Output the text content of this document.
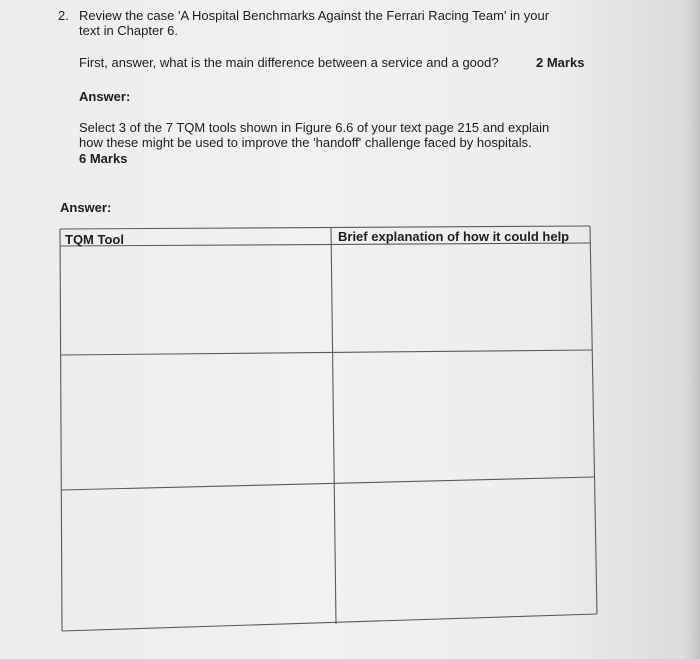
2. Review the case 'A Hospital Benchmarks Against the Ferrari Racing Team' in your
text in Chapter 6.
First, answer, what is the main difference between a service and a good?	2 Marks
Answer:
Select 3 of the 7 TQM tools shown in Figure 6.6 of your text page 215 and explain
how these might be used to improve the 'handoff' challenge faced by hospitals.
6 Marks
Answer:
TQM Tool	Brief explanation of how it could help
